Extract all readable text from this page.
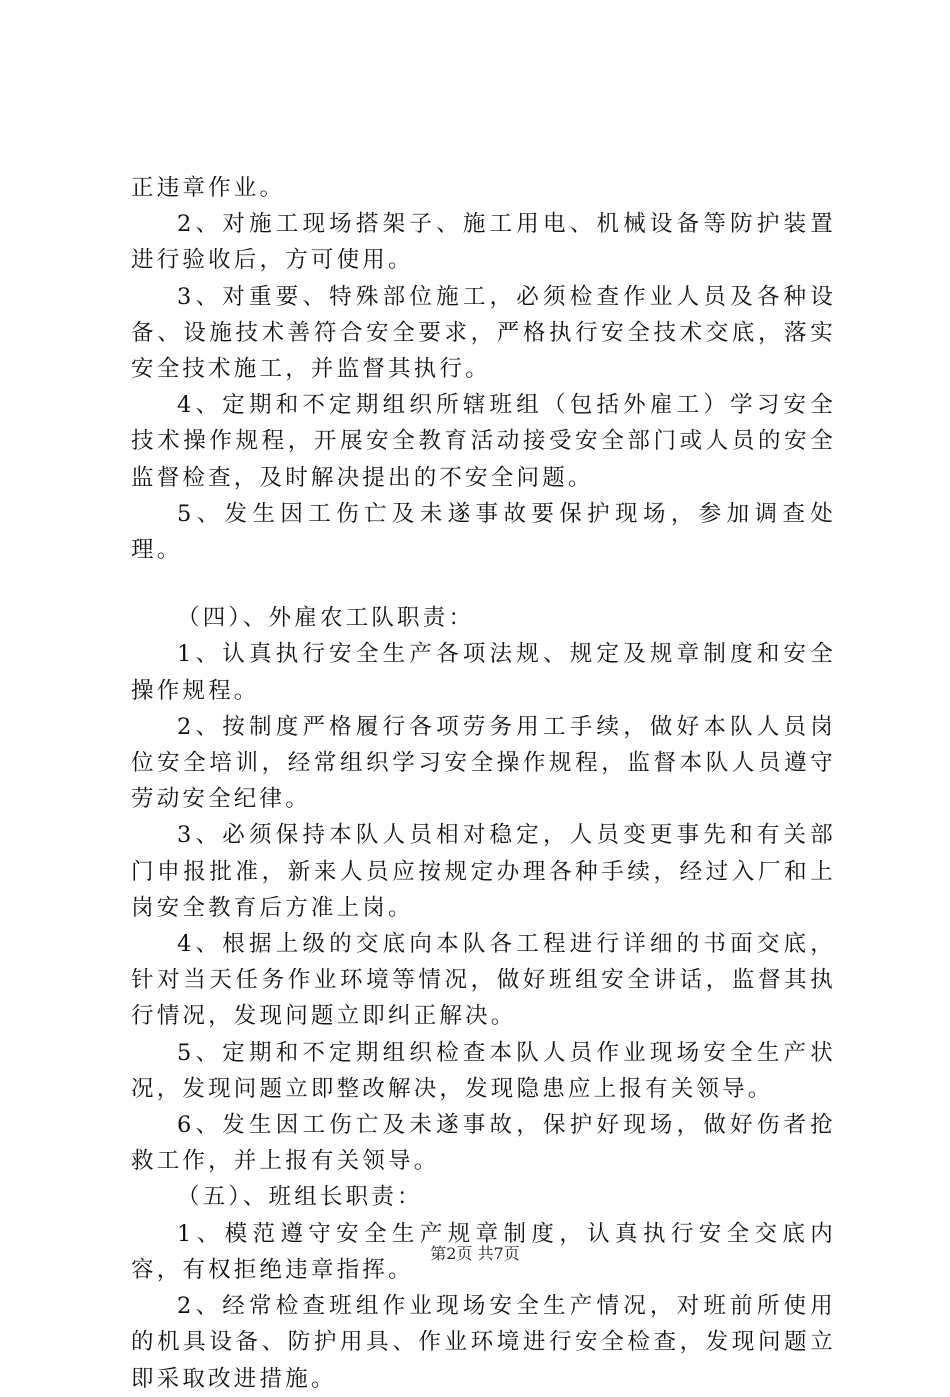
正违章作业。

2、对施工现场搭架子、施工用电、机械设备等防护装置进行验收后，方可使用。

3、对重要、特殊部位施工，必须检查作业人员及各种设备、设施技术善符合安全要求，严格执行安全技术交底，落实安全技术施工，并监督其执行。

4、定期和不定期组织所辖班组（包括外雇工）学习安全技术操作规程，开展安全教育活动接受安全部门或人员的安全监督检查，及时解决提出的不安全问题。

5、发生因工伤亡及未遂事故要保护现场，参加调查处理。

（四）、外雇农工队职责：

1、认真执行安全生产各项法规、规定及规章制度和安全操作规程。

2、按制度严格履行各项劳务用工手续，做好本队人员岗位安全培训，经常组织学习安全操作规程，监督本队人员遵守劳动安全纪律。

3、必须保持本队人员相对稳定，人员变更事先和有关部门申报批准，新来人员应按规定办理各种手续，经过入厂和上岗安全教育后方准上岗。

4、根据上级的交底向本队各工程进行详细的书面交底，针对当天任务作业环境等情况，做好班组安全讲话，监督其执行情况，发现问题立即纠正解决。

5、定期和不定期组织检查本队人员作业现场安全生产状况，发现问题立即整改解决，发现隐患应上报有关领导。

6、发生因工伤亡及未遂事故，保护好现场，做好伤者抢救工作，并上报有关领导。

（五）、班组长职责：

1、模范遵守安全生产规章制度，认真执行安全交底内容，有权拒绝违章指挥。

2、经常检查班组作业现场安全生产情况，对班前所使用的机具设备、防护用具、作业环境进行安全检查，发现问题立即采取改进措施。

第2页 共7页
